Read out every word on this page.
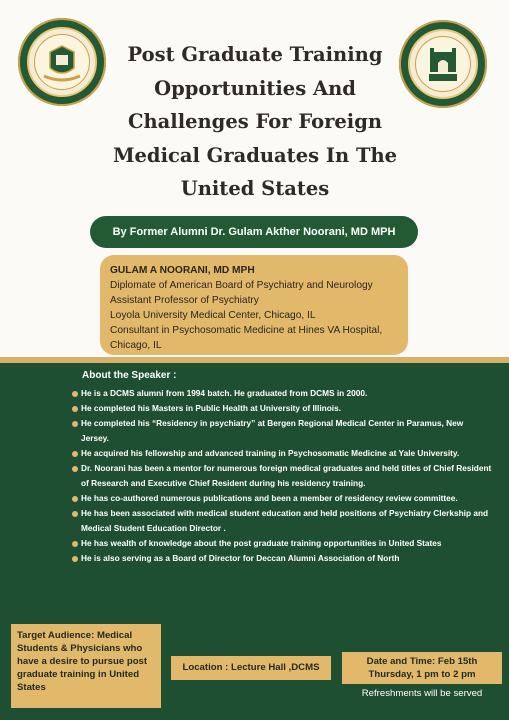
Post Graduate Training
Opportunities And
Challenges For Foreign
Medical Graduates In The
United States
By Former Alumni Dr. Gulam Akther Noorani, MD MPH
GULAM A NOORANI, MD MPH
Diplomate of American Board of Psychiatry and Neurology
Assistant Professor of Psychiatry
Loyola University Medical Center, Chicago, IL
Consultant in Psychosomatic Medicine at Hines VA Hospital,
Chicago, IL
About the Speaker :
He is a DCMS alumni from 1994 batch. He graduated from DCMS in 2000.
He completed his Masters in Public Health at University of Illinois.
He completed his “Residency in psychiatry” at Bergen Regional Medical Center in Paramus, New Jersey.
He acquired his fellowship and advanced training in Psychosomatic Medicine at Yale University.
Dr. Noorani has been a mentor for numerous foreign medical graduates and held titles of Chief Resident of Research and Executive Chief Resident during his residency training.
He has co-authored numerous publications and been a member of residency review committee.
He has been associated with medical student education and held positions of Psychiatry Clerkship and Medical Student Education Director .
He has wealth of knowledge about the post graduate training opportunities in United States
He is also serving as a Board of Director for Deccan Alumni Association of North
Target Audience: Medical Students & Physicians who have a desire to pursue post graduate training in United States
Location : Lecture Hall ,DCMS
Date and Time: Feb 15th
Thursday, 1 pm to 2 pm
Refreshments will be served
